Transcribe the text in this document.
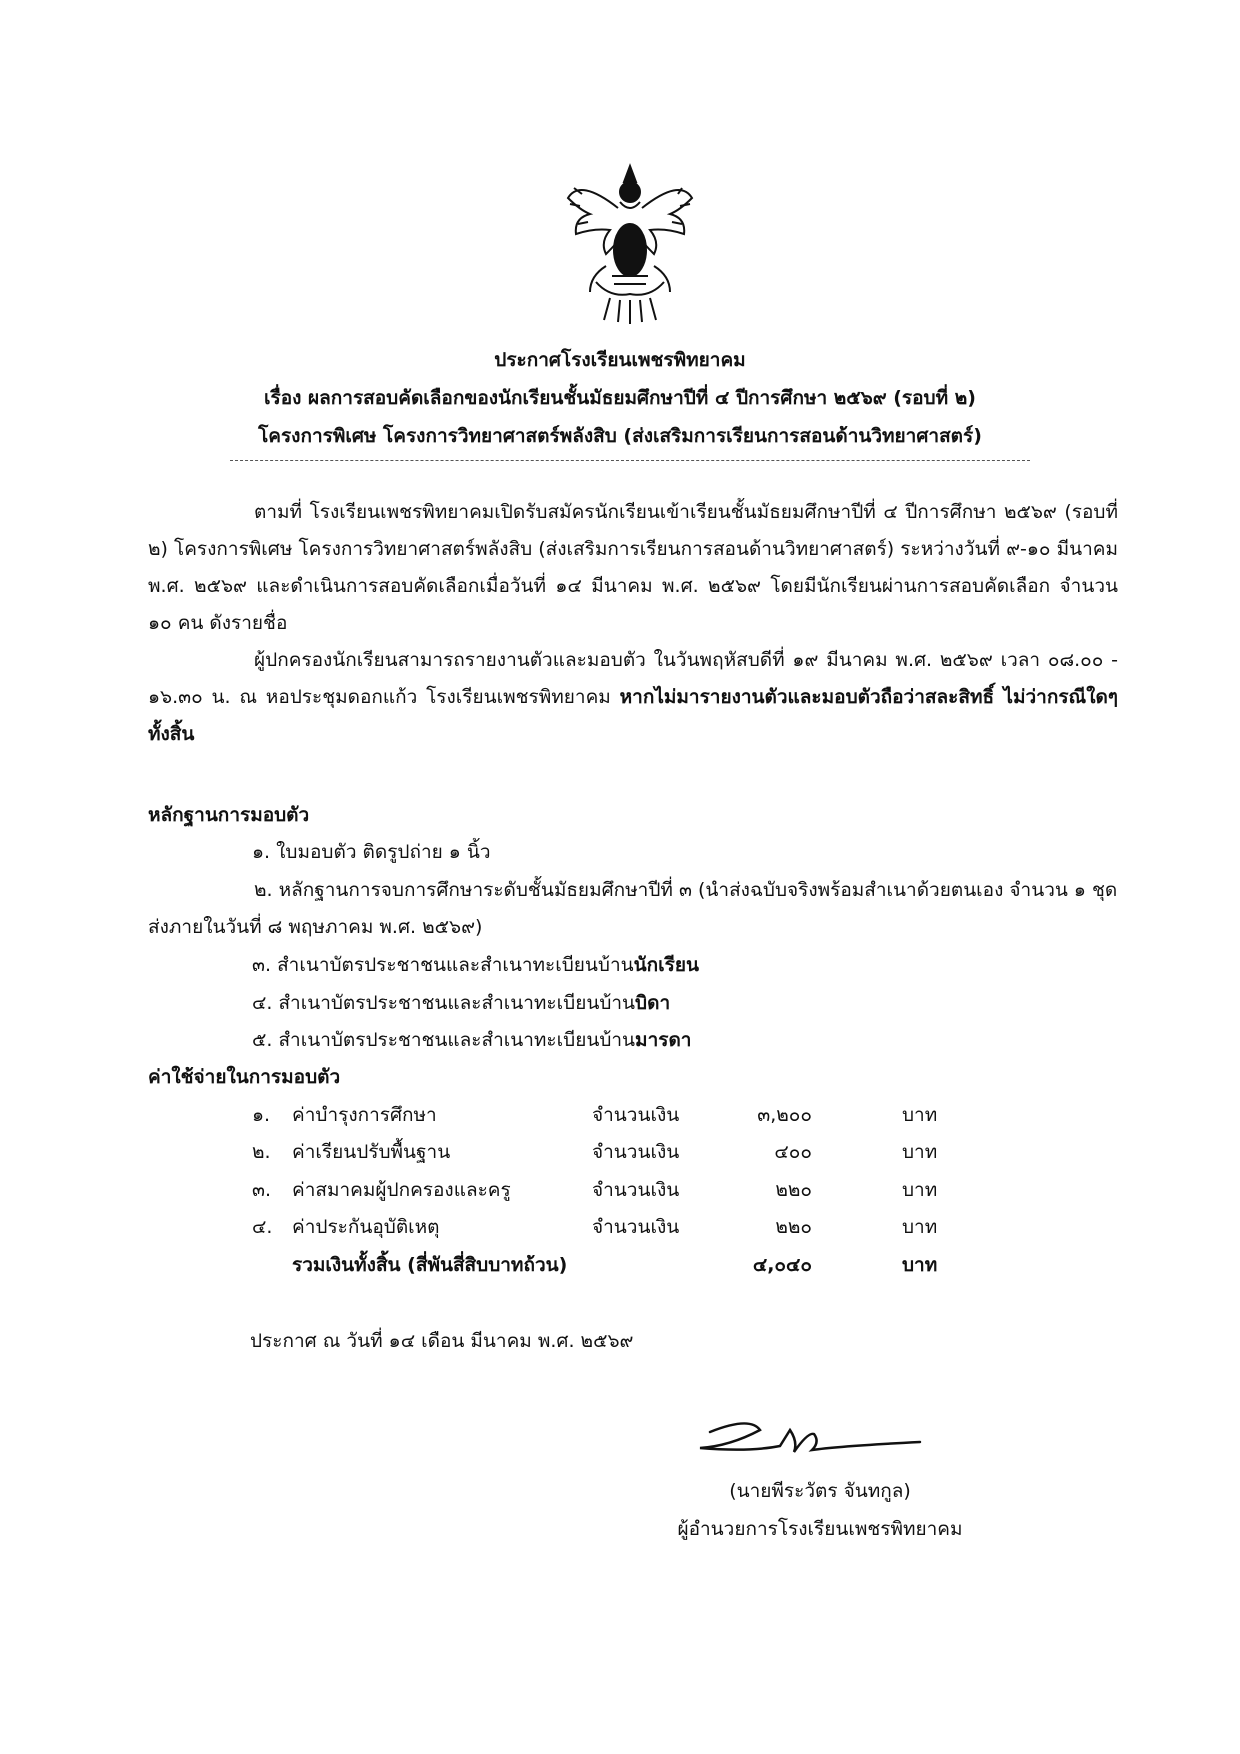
ประกาศโรงเรียนเพชรพิทยาคม
เรื่อง ผลการสอบคัดเลือกของนักเรียนชั้นมัธยมศึกษาปีที่ ๔ ปีการศึกษา ๒๕๖๙ (รอบที่ ๒)
โครงการพิเศษ โครงการวิทยาศาสตร์พลังสิบ (ส่งเสริมการเรียนการสอนด้านวิทยาศาสตร์)

ตามที่ โรงเรียนเพชรพิทยาคมเปิดรับสมัครนักเรียนเข้าเรียนชั้นมัธยมศึกษาปีที่ ๔ ปีการศึกษา ๒๕๖๙ (รอบที่ ๒) โครงการพิเศษ โครงการวิทยาศาสตร์พลังสิบ (ส่งเสริมการเรียนการสอนด้านวิทยาศาสตร์) ระหว่างวันที่ ๙-๑๐ มีนาคม พ.ศ. ๒๕๖๙ และดำเนินการสอบคัดเลือกเมื่อวันที่ ๑๔ มีนาคม พ.ศ. ๒๕๖๙ โดยมีนักเรียนผ่านการสอบคัดเลือก จำนวน ๑๐ คน ดังรายชื่อ

ผู้ปกครองนักเรียนสามารถรายงานตัวและมอบตัว ในวันพฤหัสบดีที่ ๑๙ มีนาคม พ.ศ. ๒๕๖๙ เวลา ๐๘.๐๐ - ๑๖.๓๐ น. ณ หอประชุมดอกแก้ว โรงเรียนเพชรพิทยาคม หากไม่มารายงานตัวและมอบตัวถือว่าสละสิทธิ์ ไม่ว่ากรณีใดๆ ทั้งสิ้น

หลักฐานการมอบตัว
๑. ใบมอบตัว ติดรูปถ่าย ๑ นิ้ว

๒. หลักฐานการจบการศึกษาระดับชั้นมัธยมศึกษาปีที่ ๓ (นำส่งฉบับจริงพร้อมสำเนาด้วยตนเอง จำนวน ๑ ชุด ส่งภายในวันที่ ๘ พฤษภาคม พ.ศ. ๒๕๖๙)

๓. สำเนาบัตรประชาชนและสำเนาทะเบียนบ้านนักเรียน
๔. สำเนาบัตรประชาชนและสำเนาทะเบียนบ้านบิดา
๕. สำเนาบัตรประชาชนและสำเนาทะเบียนบ้านมารดา
ค่าใช้จ่ายในการมอบตัว
๑. ค่าบำรุงการศึกษา	จำนวนเงิน	๓,๒๐๐	บาท
๒. ค่าเรียนปรับพื้นฐาน	จำนวนเงิน	๔๐๐	บาท
๓. ค่าสมาคมผู้ปกครองและครู	จำนวนเงิน	๒๒๐	บาท
๔. ค่าประกันอุบัติเหตุ	จำนวนเงิน	๒๒๐	บาท
รวมเงินทั้งสิ้น (สี่พันสี่สิบบาทถ้วน)	๔,๐๔๐	บาท
ประกาศ ณ วันที่ ๑๔ เดือน มีนาคม พ.ศ. ๒๕๖๙
(นายพีระวัตร จันทกูล)
ผู้อำนวยการโรงเรียนเพชรพิทยาคม
